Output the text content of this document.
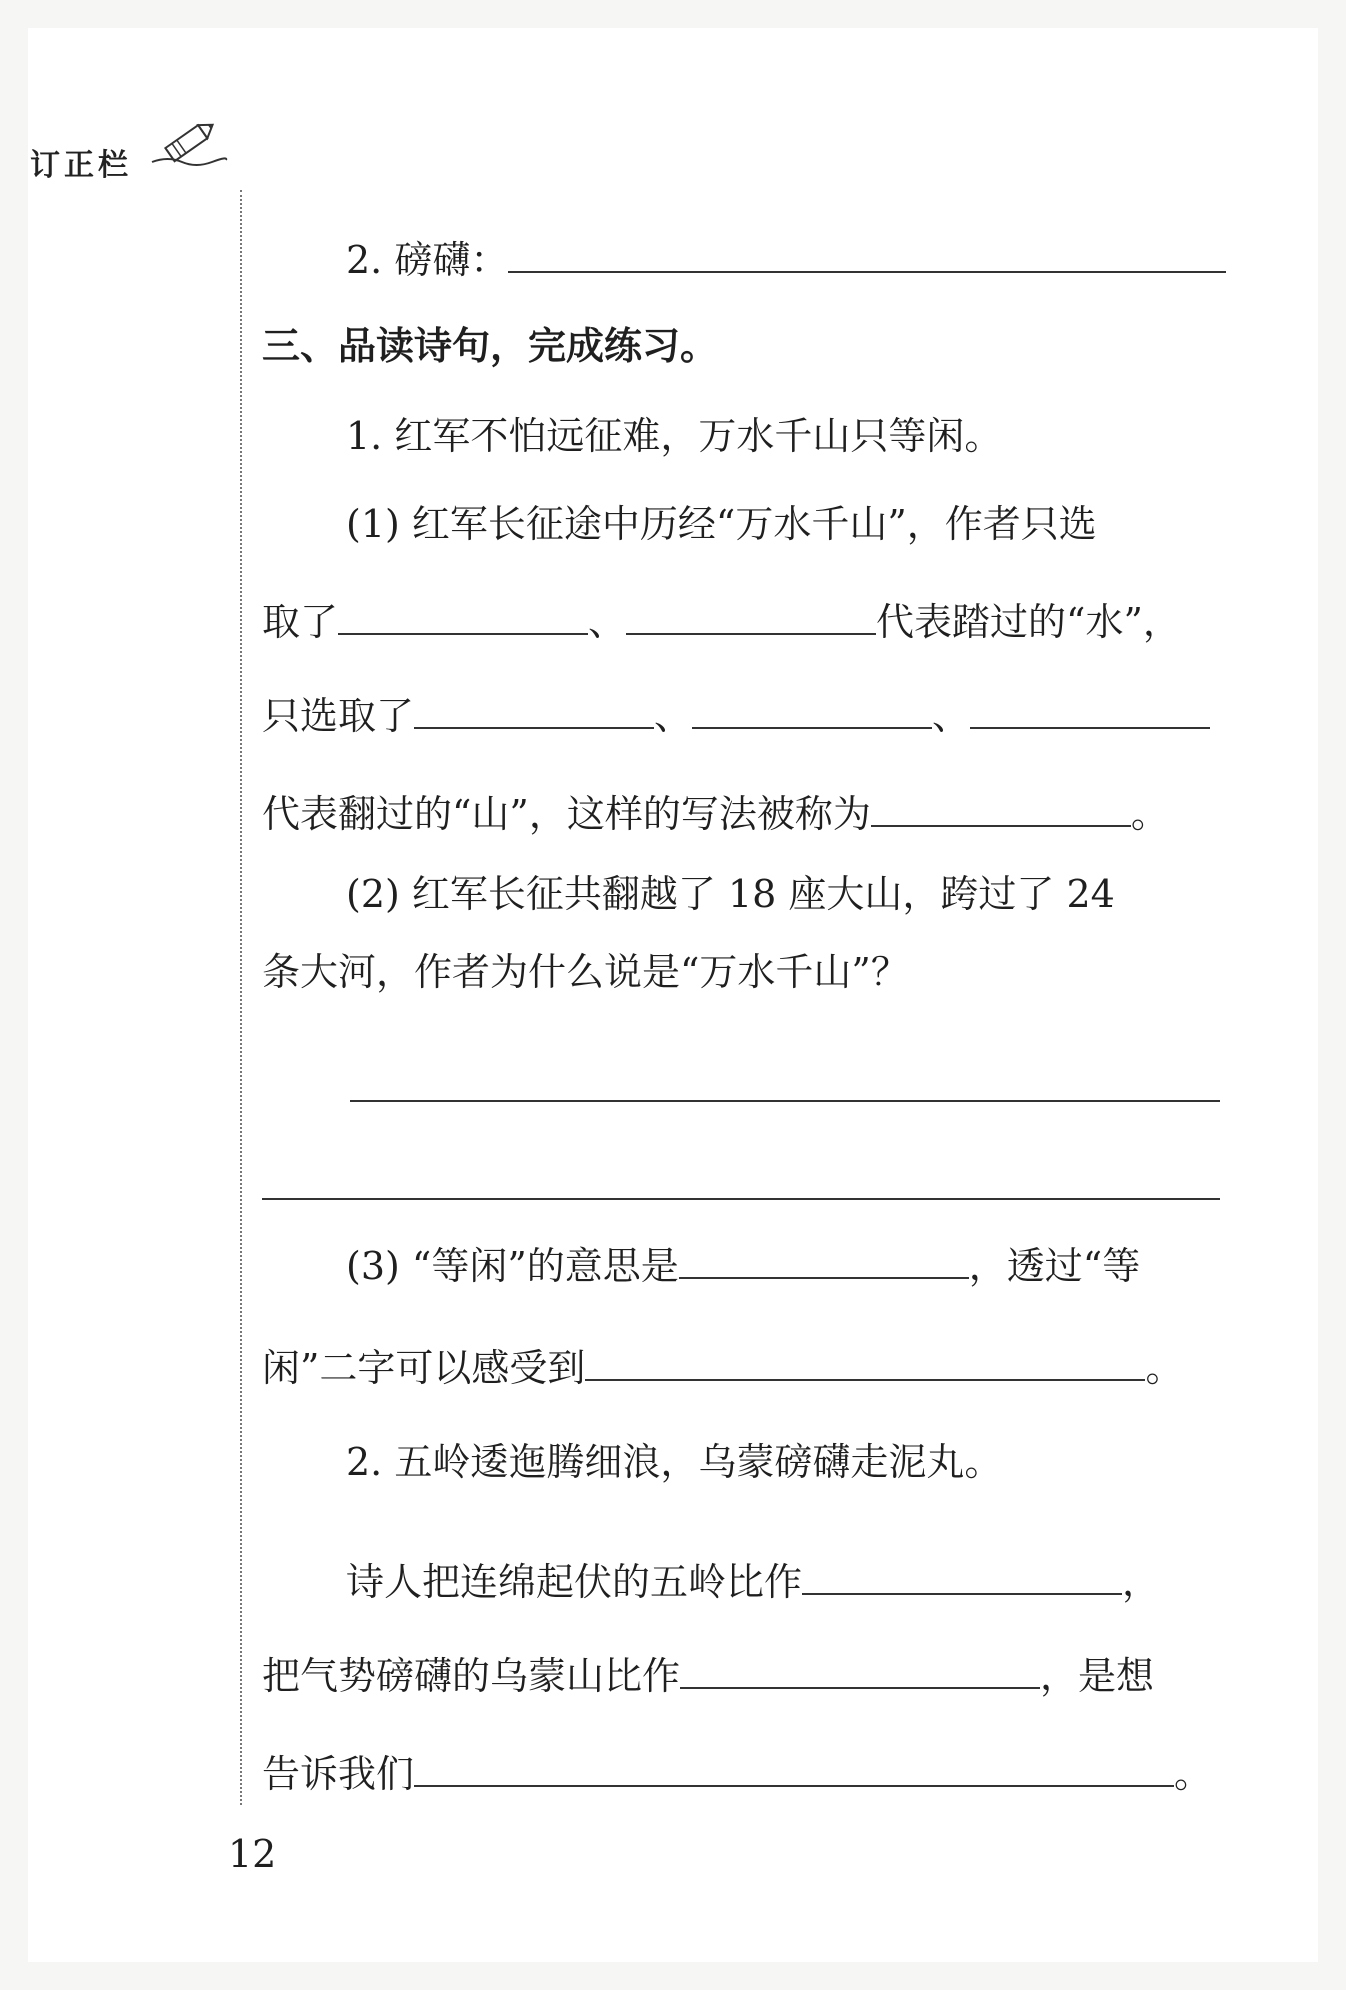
订正栏
2. 磅礴：
三、品读诗句，完成练习。
1. 红军不怕远征难，万水千山只等闲。
(1) 红军长征途中历经“万水千山”，作者只选
取了	、	代表踏过的“水”，
只选取了	、	、
代表翻过的“山”，这样的写法被称为	。
(2) 红军长征共翻越了 18 座大山，跨过了 24
条大河，作者为什么说是“万水千山”？
(3) “等闲”的意思是	，透过“等
闲”二字可以感受到	。
2. 五岭逶迤腾细浪，乌蒙磅礴走泥丸。
诗人把连绵起伏的五岭比作	，
把气势磅礴的乌蒙山比作	，是想
告诉我们	。
12
